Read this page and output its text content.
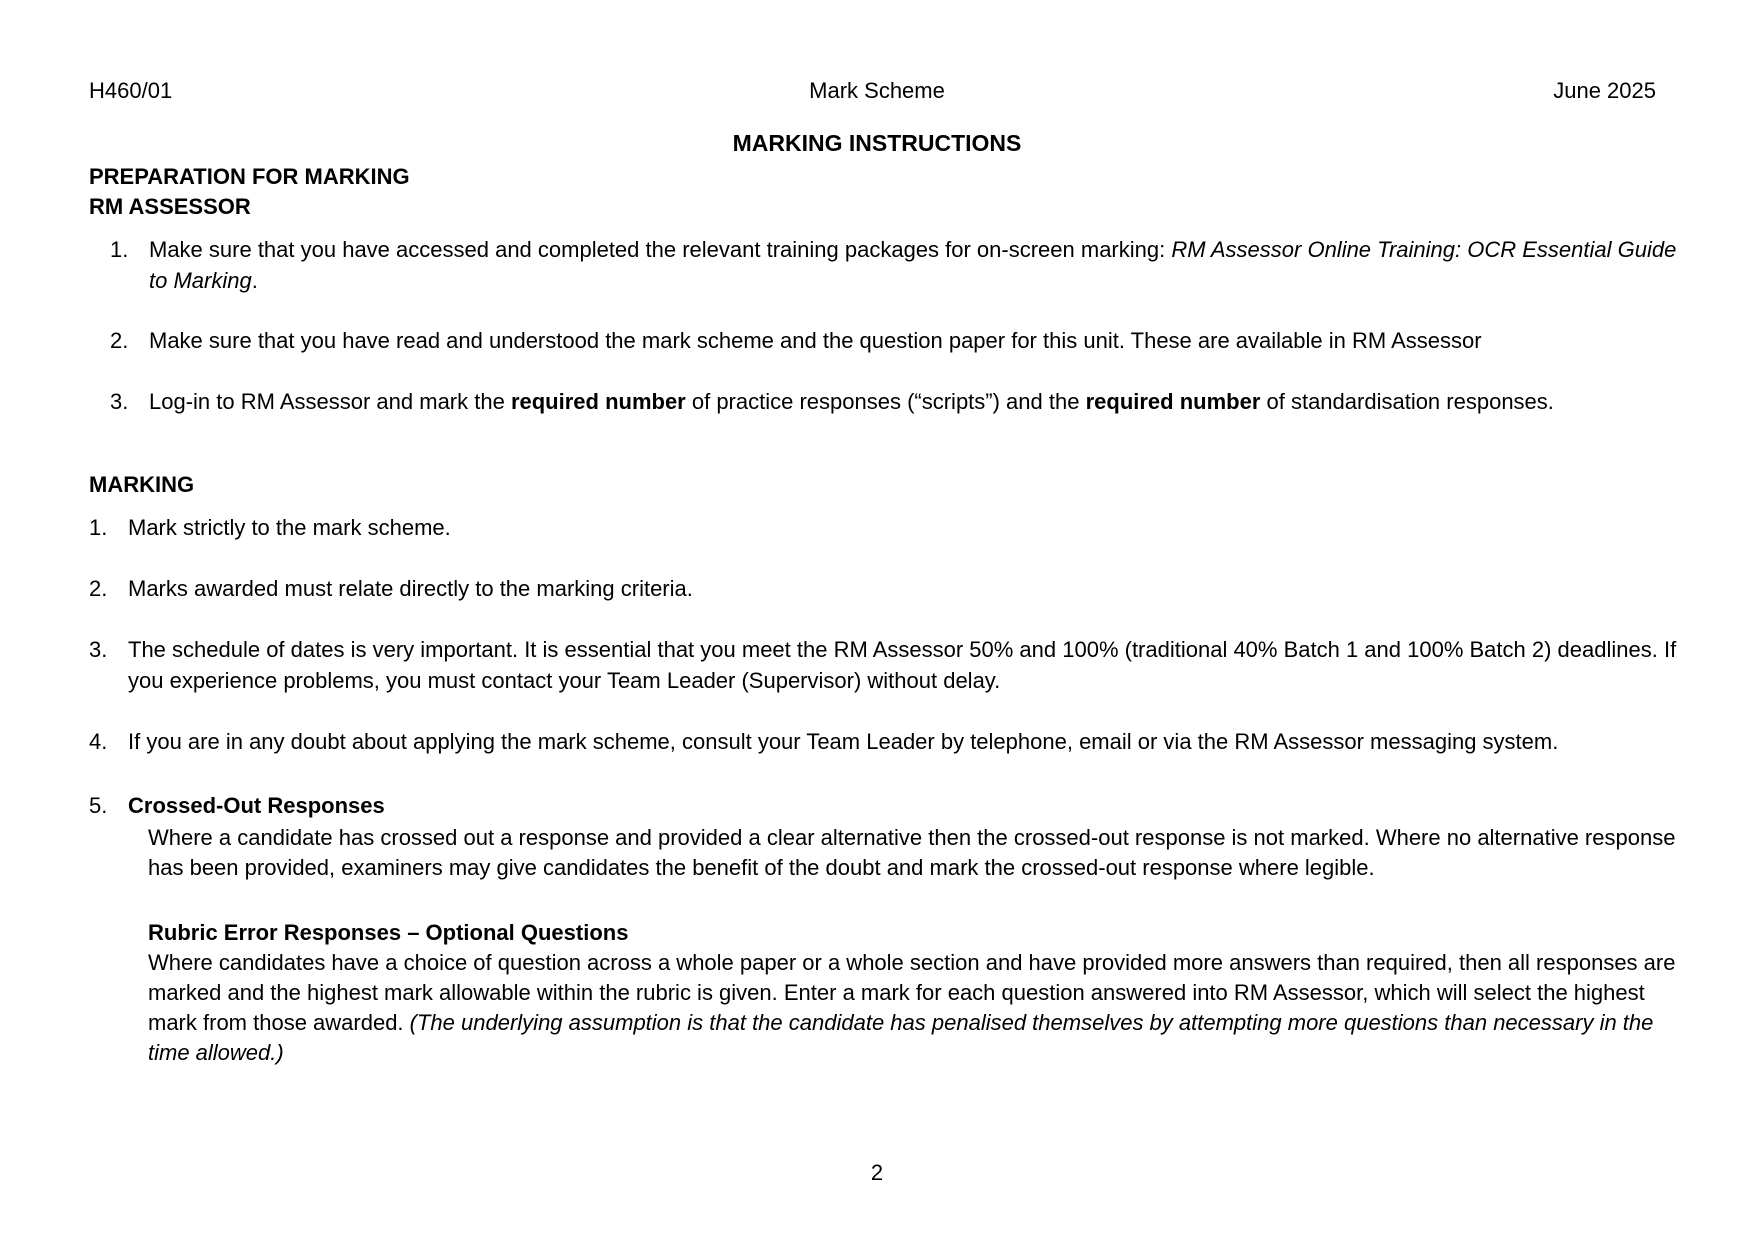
H460/01	Mark Scheme	June 2025
MARKING INSTRUCTIONS
PREPARATION FOR MARKING
RM ASSESSOR
1. Make sure that you have accessed and completed the relevant training packages for on-screen marking: RM Assessor Online Training: OCR Essential Guide to Marking.
2. Make sure that you have read and understood the mark scheme and the question paper for this unit. These are available in RM Assessor
3. Log-in to RM Assessor and mark the required number of practice responses (“scripts”) and the required number of standardisation responses.
MARKING
1. Mark strictly to the mark scheme.
2. Marks awarded must relate directly to the marking criteria.
3. The schedule of dates is very important. It is essential that you meet the RM Assessor 50% and 100% (traditional 40% Batch 1 and 100% Batch 2) deadlines. If you experience problems, you must contact your Team Leader (Supervisor) without delay.
4. If you are in any doubt about applying the mark scheme, consult your Team Leader by telephone, email or via the RM Assessor messaging system.
5. Crossed-Out Responses
Where a candidate has crossed out a response and provided a clear alternative then the crossed-out response is not marked. Where no alternative response has been provided, examiners may give candidates the benefit of the doubt and mark the crossed-out response where legible.
Rubric Error Responses – Optional Questions
Where candidates have a choice of question across a whole paper or a whole section and have provided more answers than required, then all responses are marked and the highest mark allowable within the rubric is given. Enter a mark for each question answered into RM Assessor, which will select the highest mark from those awarded. (The underlying assumption is that the candidate has penalised themselves by attempting more questions than necessary in the time allowed.)
2
